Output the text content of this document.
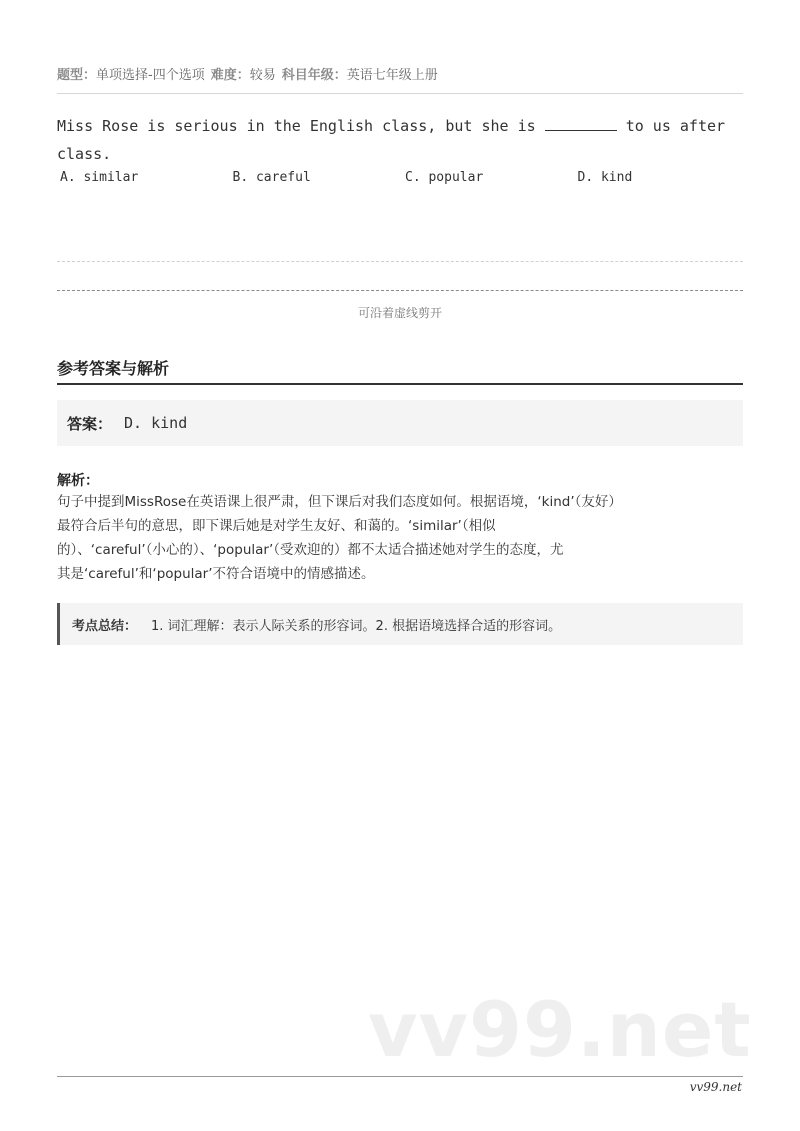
题型：单项选择-四个选项 难度：较易 科目年级：英语七年级上册
Miss Rose is serious in the English class, but she is	to us after class.
A. similar	B. careful	C. popular	D. kind
可沿着虚线剪开
参考答案与解析
答案： D. kind
解析：
句子中提到MissRose在英语课上很严肃，但下课后对我们态度如何。根据语境，‘kind’（友好）
最符合后半句的意思，即下课后她是对学生友好、和蔼的。‘similar’（相似
的）、‘careful’（小心的）、‘popular’（受欢迎的）都不太适合描述她对学生的态度，尤
其是‘careful’和‘popular’不符合语境中的情感描述。
考点总结： 1. 词汇理解：表示人际关系的形容词。2. 根据语境选择合适的形容词。
vv99.net
vv99.net
